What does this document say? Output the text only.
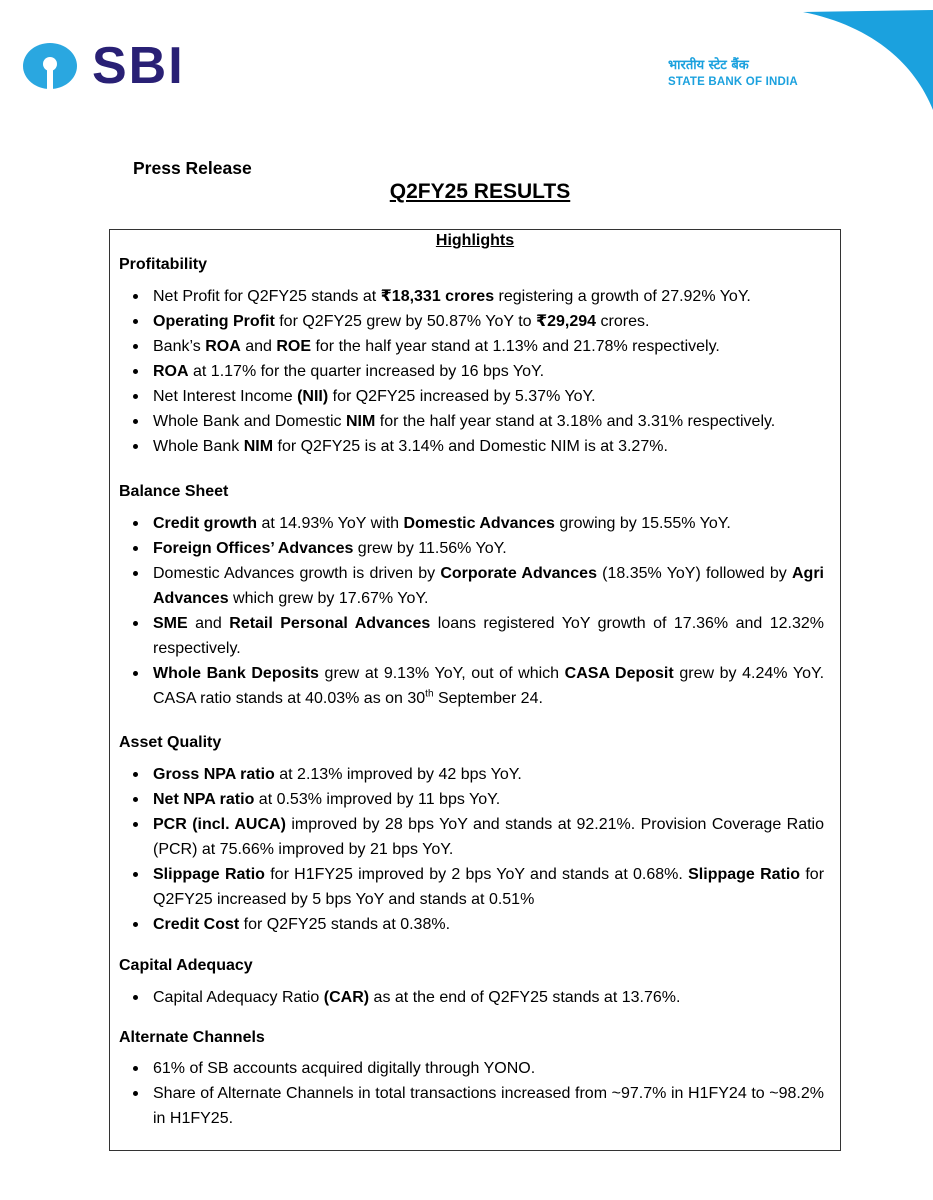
SBI	भारतीय स्टेट बैंक
STATE BANK OF INDIA
Press Release
Q2FY25 RESULTS
Highlights
Profitability
Net Profit for Q2FY25 stands at ₹18,331 crores registering a growth of 27.92% YoY.
Operating Profit for Q2FY25 grew by 50.87% YoY to ₹29,294 crores.
Bank’s ROA and ROE for the half year stand at 1.13% and 21.78% respectively.
ROA at 1.17% for the quarter increased by 16 bps YoY.
Net Interest Income (NII) for Q2FY25 increased by 5.37% YoY.
Whole Bank and Domestic NIM for the half year stand at 3.18% and 3.31% respectively.
Whole Bank NIM for Q2FY25 is at 3.14% and Domestic NIM is at 3.27%.
Balance Sheet
Credit growth at 14.93% YoY with Domestic Advances growing by 15.55% YoY.
Foreign Offices’ Advances grew by 11.56% YoY.
Domestic Advances growth is driven by Corporate Advances (18.35% YoY) followed by Agri Advances which grew by 17.67% YoY.
SME and Retail Personal Advances loans registered YoY growth of 17.36% and 12.32% respectively.
Whole Bank Deposits grew at 9.13% YoY, out of which CASA Deposit grew by 4.24% YoY. CASA ratio stands at 40.03% as on 30th September 24.
Asset Quality
Gross NPA ratio at 2.13% improved by 42 bps YoY.
Net NPA ratio at 0.53% improved by 11 bps YoY.
PCR (incl. AUCA) improved by 28 bps YoY and stands at 92.21%. Provision Coverage Ratio (PCR) at 75.66% improved by 21 bps YoY.
Slippage Ratio for H1FY25 improved by 2 bps YoY and stands at 0.68%. Slippage Ratio for Q2FY25 increased by 5 bps YoY and stands at 0.51%
Credit Cost for Q2FY25 stands at 0.38%.
Capital Adequacy
Capital Adequacy Ratio (CAR) as at the end of Q2FY25 stands at 13.76%.
Alternate Channels
61% of SB accounts acquired digitally through YONO.
Share of Alternate Channels in total transactions increased from ~97.7% in H1FY24 to ~98.2% in H1FY25.
